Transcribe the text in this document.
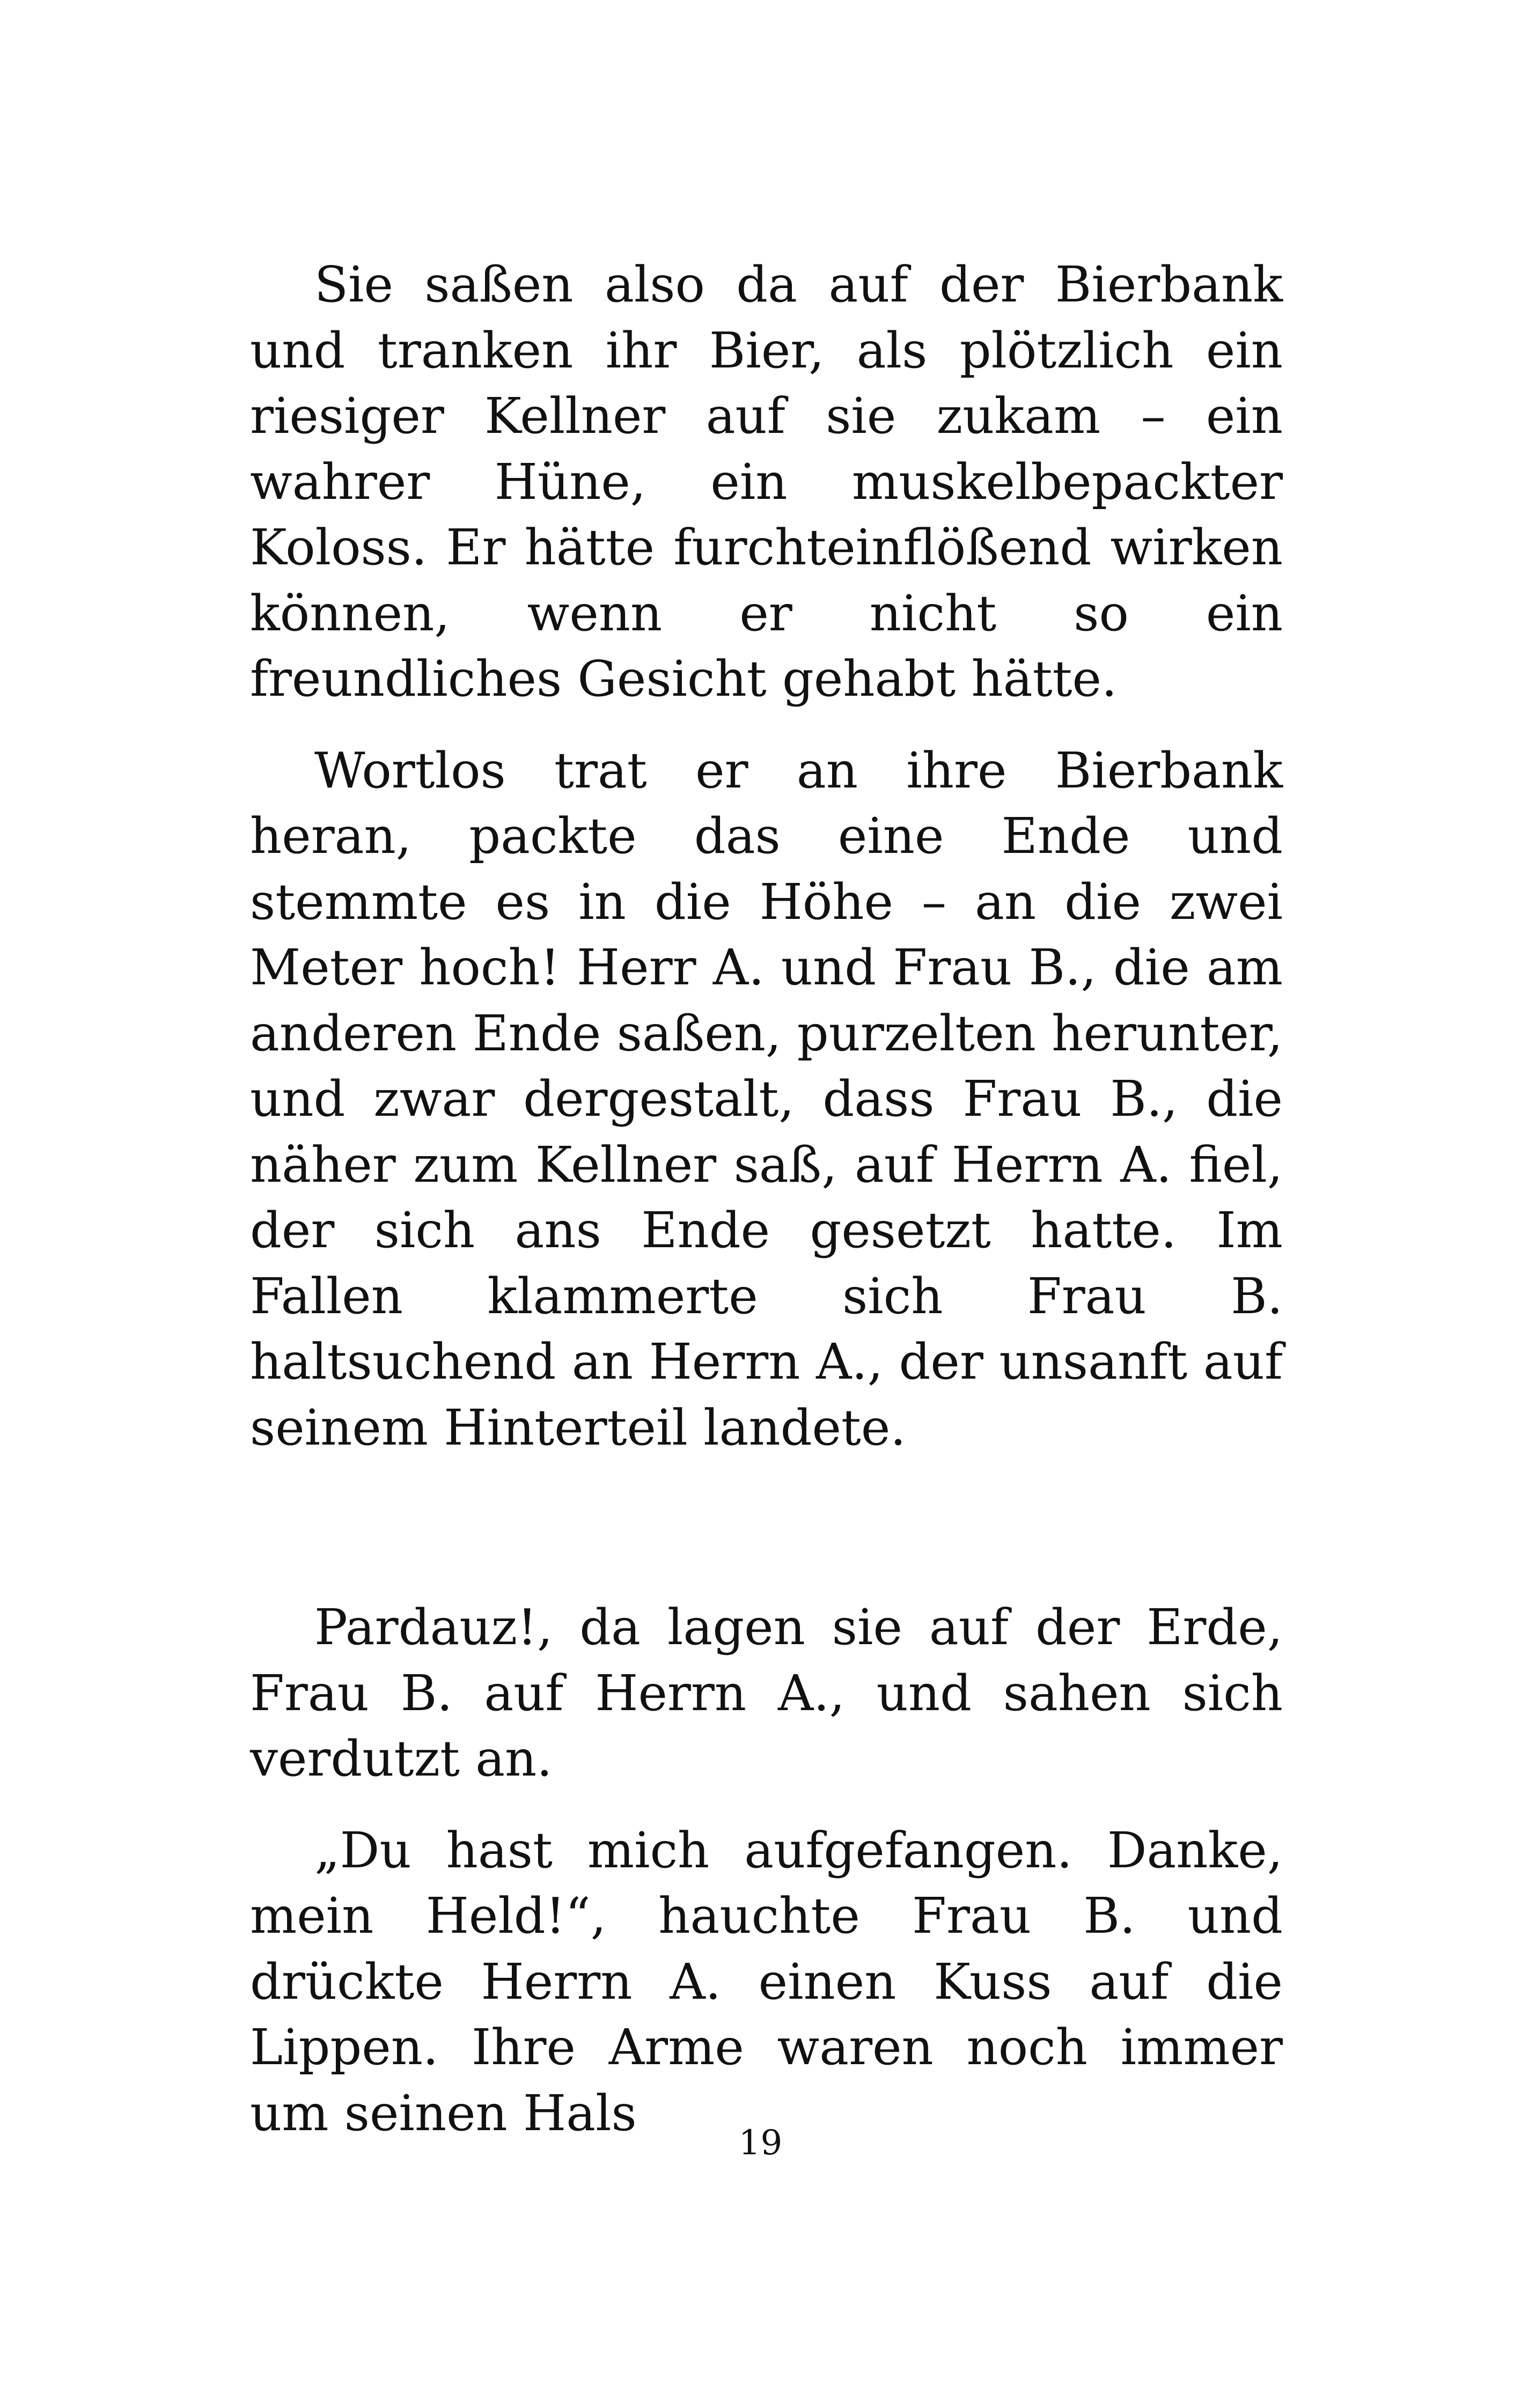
Sie saßen also da auf der Bierbank und tranken ihr Bier, als plötzlich ein riesiger Kellner auf sie zukam – ein wahrer Hüne, ein muskelbepackter Koloss. Er hätte furchteinflößend wirken können, wenn er nicht so ein freundliches Gesicht gehabt hätte.

Wortlos trat er an ihre Bierbank heran, packte das eine Ende und stemmte es in die Höhe – an die zwei Meter hoch! Herr A. und Frau B., die am anderen Ende saßen, purzelten herunter, und zwar dergestalt, dass Frau B., die näher zum Kellner saß, auf Herrn A. fiel, der sich ans Ende gesetzt hatte. Im Fallen klammerte sich Frau B. haltsuchend an Herrn A., der unsanft auf seinem Hinterteil landete.

Pardauz!, da lagen sie auf der Erde, Frau B. auf Herrn A., und sahen sich verdutzt an.

„Du hast mich aufgefangen. Danke, mein Held!“, hauchte Frau B. und drückte Herrn A. einen Kuss auf die Lippen. Ihre Arme waren noch immer um seinen Hals

19
